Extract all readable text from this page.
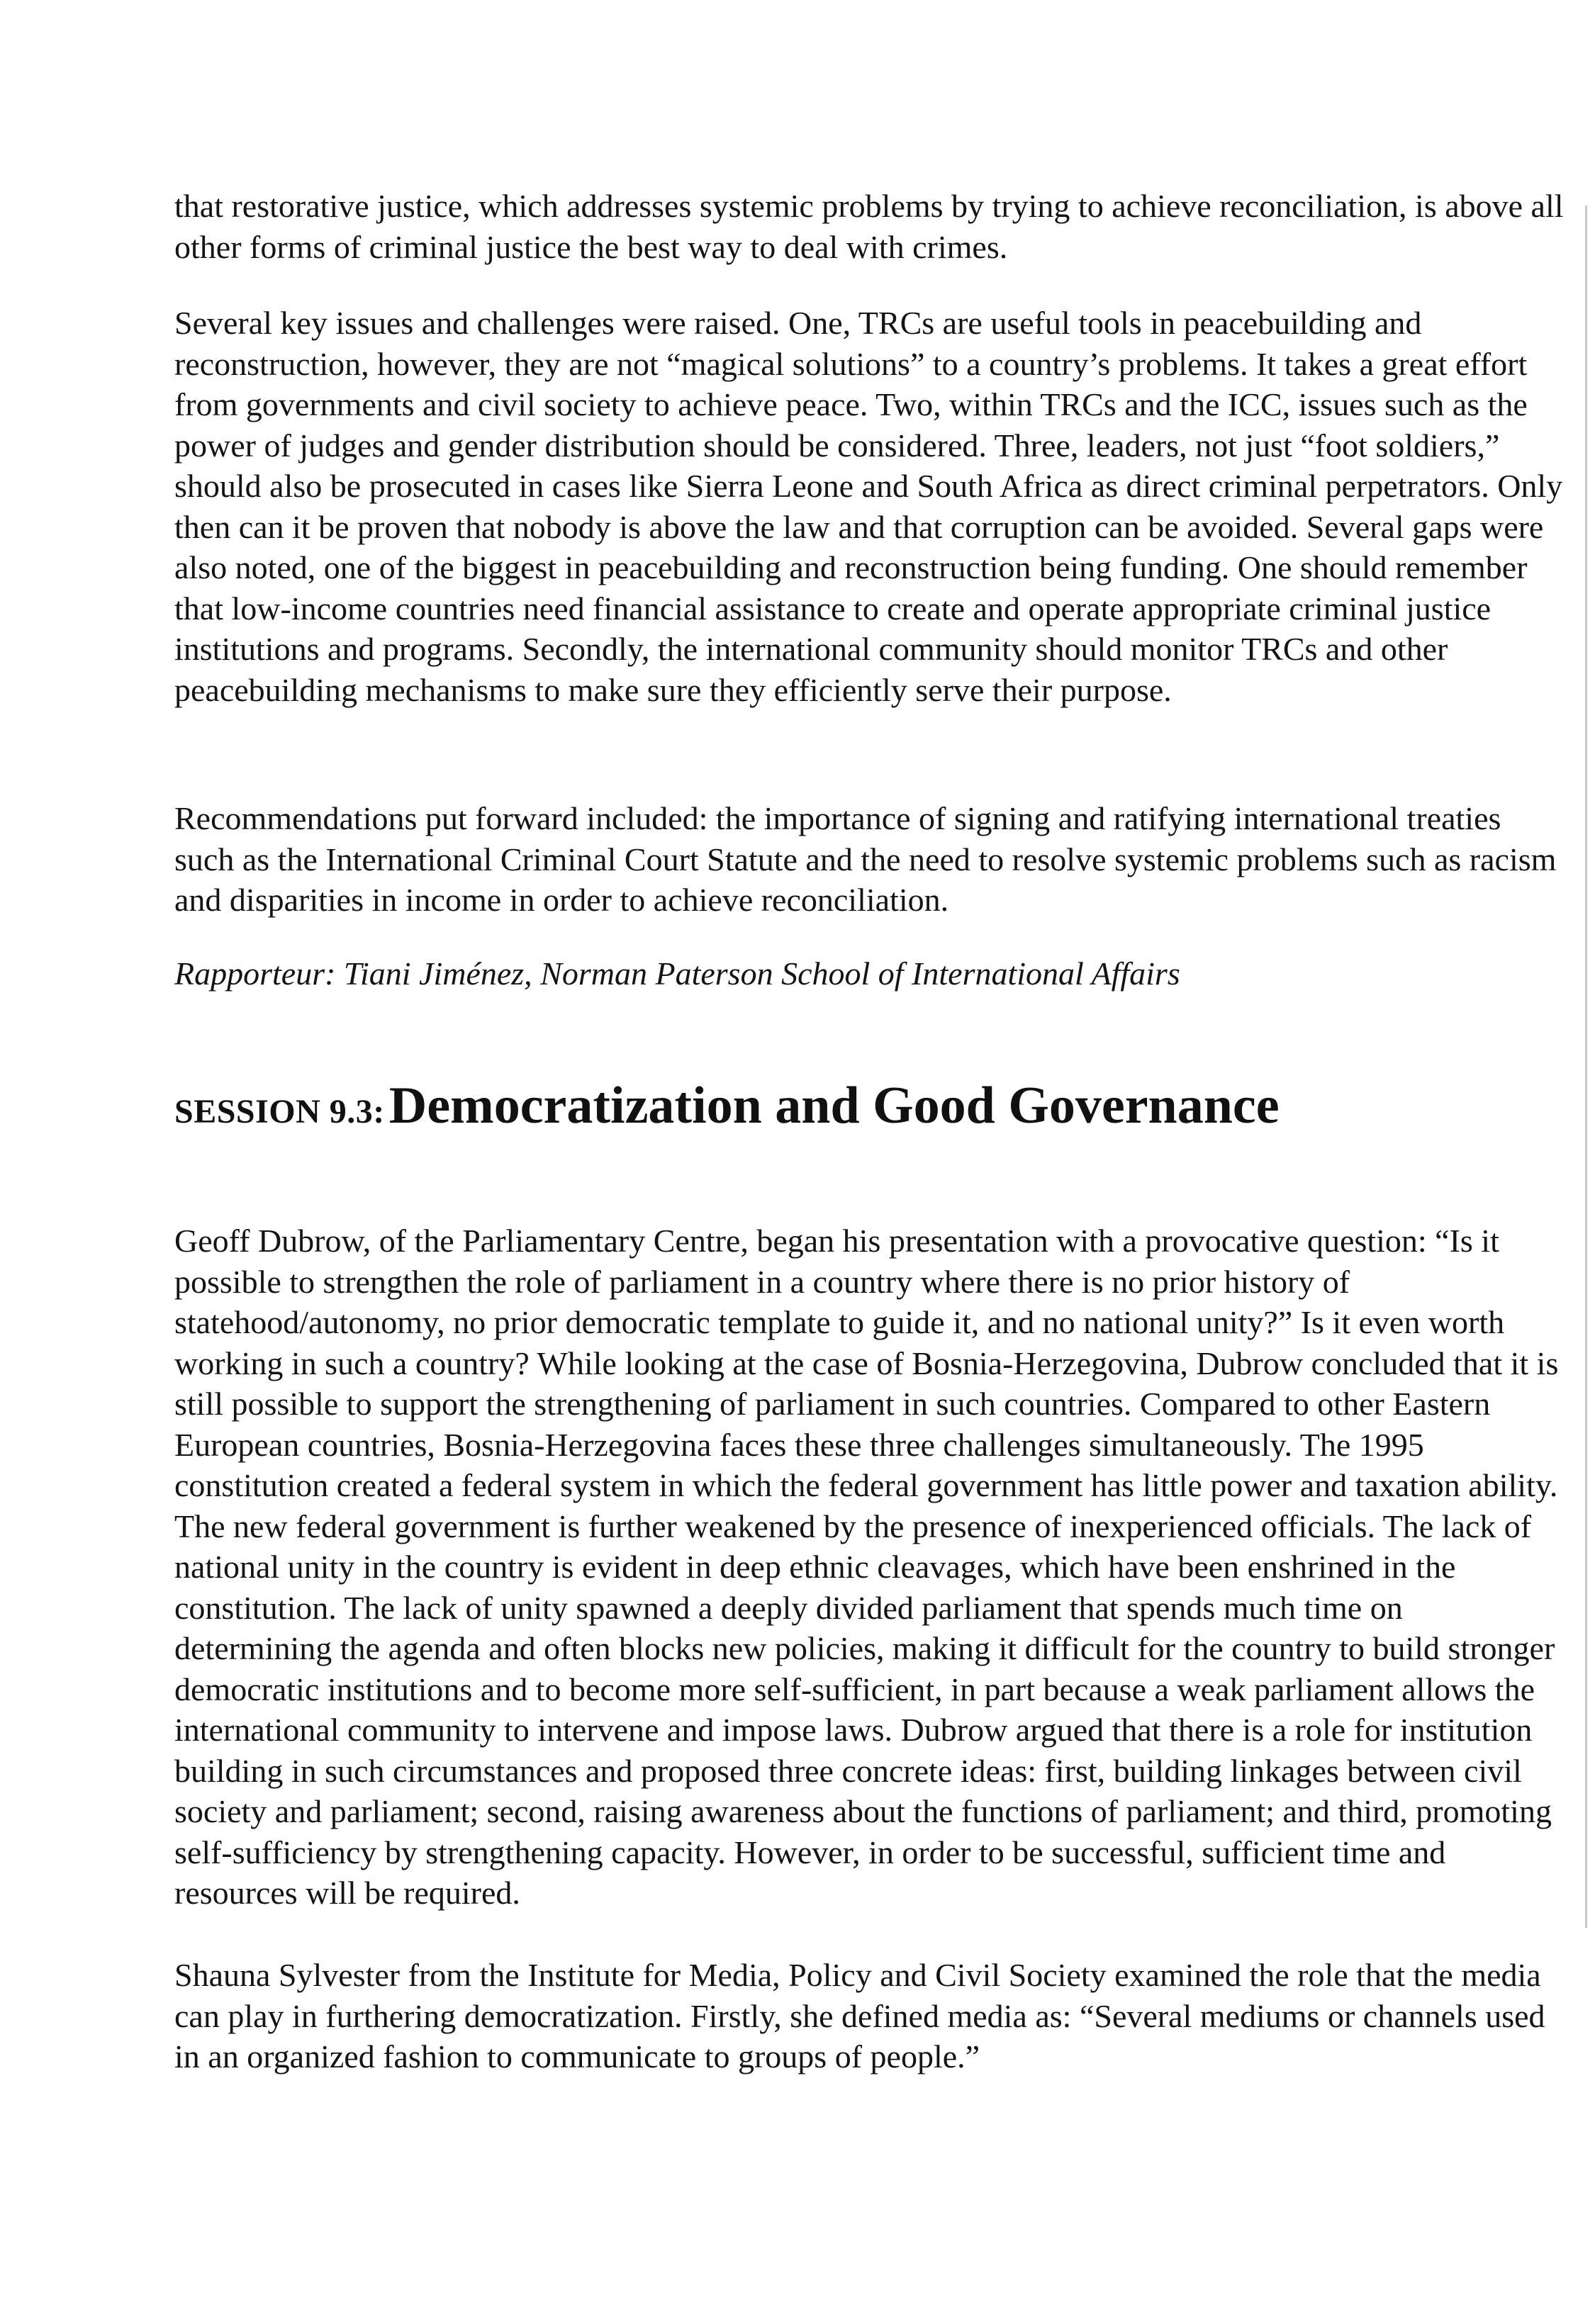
that restorative justice, which addresses systemic problems by trying to achieve reconciliation, is above all other forms of criminal justice the best way to deal with crimes.

Several key issues and challenges were raised. One, TRCs are useful tools in peacebuilding and reconstruction, however, they are not “magical solutions” to a country’s problems. It takes a great effort from governments and civil society to achieve peace. Two, within TRCs and the ICC, issues such as the power of judges and gender distribution should be considered. Three, leaders, not just “foot soldiers,” should also be prosecuted in cases like Sierra Leone and South Africa as direct criminal perpetrators. Only then can it be proven that nobody is above the law and that corruption can be avoided. Several gaps were also noted, one of the biggest in peacebuilding and reconstruction being funding. One should remember that low-income countries need financial assistance to create and operate appropriate criminal justice institutions and programs. Secondly, the international community should monitor TRCs and other peacebuilding mechanisms to make sure they efficiently serve their purpose.

Recommendations put forward included: the importance of signing and ratifying international treaties such as the International Criminal Court Statute and the need to resolve systemic problems such as racism and disparities in income in order to achieve reconciliation.

Rapporteur: Tiani Jiménez, Norman Paterson School of International Affairs

SESSION 9.3: Democratization and Good Governance

Geoff Dubrow, of the Parliamentary Centre, began his presentation with a provocative question: “Is it possible to strengthen the role of parliament in a country where there is no prior history of statehood/autonomy, no prior democratic template to guide it, and no national unity?” Is it even worth working in such a country? While looking at the case of Bosnia-Herzegovina, Dubrow concluded that it is still possible to support the strengthening of parliament in such countries. Compared to other Eastern European countries, Bosnia-Herzegovina faces these three challenges simultaneously. The 1995 constitution created a federal system in which the federal government has little power and taxation ability. The new federal government is further weakened by the presence of inexperienced officials. The lack of national unity in the country is evident in deep ethnic cleavages, which have been enshrined in the constitution. The lack of unity spawned a deeply divided parliament that spends much time on determining the agenda and often blocks new policies, making it difficult for the country to build stronger democratic institutions and to become more self-sufficient, in part because a weak parliament allows the international community to intervene and impose laws. Dubrow argued that there is a role for institution building in such circumstances and proposed three concrete ideas: first, building linkages between civil society and parliament; second, raising awareness about the functions of parliament; and third, promoting self-sufficiency by strengthening capacity. However, in order to be successful, sufficient time and resources will be required.

Shauna Sylvester from the Institute for Media, Policy and Civil Society examined the role that the media can play in furthering democratization. Firstly, she defined media as: “Several mediums or channels used in an organized fashion to communicate to groups of people.”
